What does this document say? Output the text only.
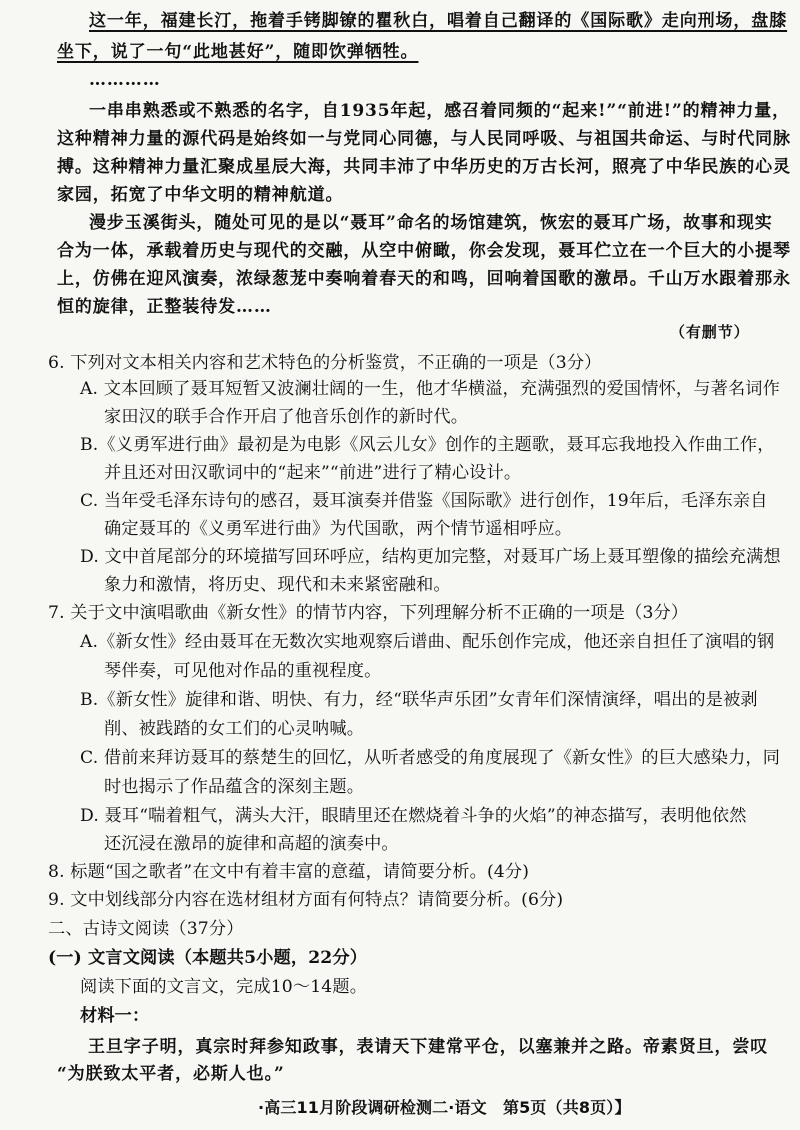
这一年，福建长汀，拖着手铐脚镣的瞿秋白，唱着自己翻译的《国际歌》走向刑场，盘膝
坐下，说了一句“此地甚好”，随即饮弹牺牲。
…………
一串串熟悉或不熟悉的名字，自1935年起，感召着同频的“起来!”“前进!”的精神力量，
这种精神力量的源代码是始终如一与党同心同德，与人民同呼吸、与祖国共命运、与时代同脉
搏。这种精神力量汇聚成星辰大海，共同丰沛了中华历史的万古长河，照亮了中华民族的心灵
家园，拓宽了中华文明的精神航道。
漫步玉溪街头，随处可见的是以“聂耳”命名的场馆建筑，恢宏的聂耳广场，故事和现实
合为一体，承载着历史与现代的交融，从空中俯瞰，你会发现，聂耳伫立在一个巨大的小提琴
上，仿佛在迎风演奏，浓绿葱茏中奏响着春天的和鸣，回响着国歌的激昂。千山万水跟着那永
恒的旋律，正整装待发……
（有删节）
6. 下列对文本相关内容和艺术特色的分析鉴赏，不正确的一项是（3分）
A. 文本回顾了聂耳短暂又波澜壮阔的一生，他才华横溢，充满强烈的爱国情怀，与著名词作
家田汉的联手合作开启了他音乐创作的新时代。
B.《义勇军进行曲》最初是为电影《风云儿女》创作的主题歌，聂耳忘我地投入作曲工作，
并且还对田汉歌词中的“起来”“前进”进行了精心设计。
C. 当年受毛泽东诗句的感召，聂耳演奏并借鉴《国际歌》进行创作，19年后，毛泽东亲自
确定聂耳的《义勇军进行曲》为代国歌，两个情节遥相呼应。
D. 文中首尾部分的环境描写回环呼应，结构更加完整，对聂耳广场上聂耳塑像的描绘充满想
象力和激情，将历史、现代和未来紧密融和。
7. 关于文中演唱歌曲《新女性》的情节内容，下列理解分析不正确的一项是（3分）
A.《新女性》经由聂耳在无数次实地观察后谱曲、配乐创作完成，他还亲自担任了演唱的钢
琴伴奏，可见他对作品的重视程度。
B.《新女性》旋律和谐、明快、有力，经“联华声乐团”女青年们深情演绎，唱出的是被剥
削、被践踏的女工们的心灵呐喊。
C. 借前来拜访聂耳的蔡楚生的回忆，从听者感受的角度展现了《新女性》的巨大感染力，同
时也揭示了作品蕴含的深刻主题。
D. 聂耳“喘着粗气，满头大汗，眼睛里还在燃烧着斗争的火焰”的神态描写，表明他依然
还沉浸在激昂的旋律和高超的演奏中。
8. 标题“国之歌者”在文中有着丰富的意蕴，请简要分析。(4分)
9. 文中划线部分内容在选材组材方面有何特点？请简要分析。(6分)
二、古诗文阅读（37分）
(一) 文言文阅读（本题共5小题，22分）
阅读下面的文言文，完成10～14题。
材料一：
王旦字子明，真宗时拜参知政事，表请天下建常平仓，以塞兼并之路。帝素贤旦，尝叹
“为朕致太平者，必斯人也。”
·高三11月阶段调研检测二·语文　第5页（共8页）】
